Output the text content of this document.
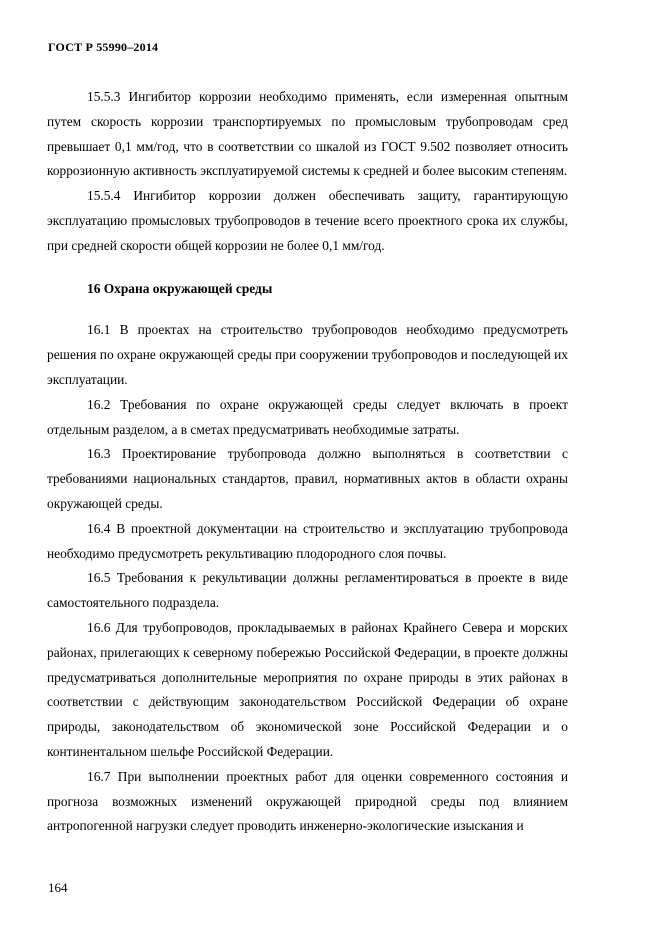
ГОСТ Р 55990–2014

15.5.3 Ингибитор коррозии необходимо применять, если измеренная опытным путем скорость коррозии транспортируемых по промысловым трубопроводам сред превышает 0,1 мм/год, что в соответствии со шкалой из ГОСТ 9.502 позволяет относить коррозионную активность эксплуатируемой системы к средней и более высоким степеням.

15.5.4 Ингибитор коррозии должен обеспечивать защиту, гарантирующую эксплуатацию промысловых трубопроводов в течение всего проектного срока их службы, при средней скорости общей коррозии не более 0,1 мм/год.

16 Охрана окружающей среды

16.1 В проектах на строительство трубопроводов необходимо предусмотреть решения по охране окружающей среды при сооружении трубопроводов и последующей их эксплуатации.

16.2 Требования по охране окружающей среды следует включать в проект отдельным разделом, а в сметах предусматривать необходимые затраты.

16.3 Проектирование трубопровода должно выполняться в соответствии с требованиями национальных стандартов, правил, нормативных актов в области охраны окружающей среды.

16.4 В проектной документации на строительство и эксплуатацию трубопровода необходимо предусмотреть рекультивацию плодородного слоя почвы.

16.5 Требования к рекультивации должны регламентироваться в проекте в виде самостоятельного подраздела.

16.6 Для трубопроводов, прокладываемых в районах Крайнего Севера и морских районах, прилегающих к северному побережью Российской Федерации, в проекте должны предусматриваться дополнительные мероприятия по охране природы в этих районах в соответствии с действующим законодательством Российской Федерации об охране природы, законодательством об экономической зоне Российской Федерации и о континентальном шельфе Российской Федерации.

16.7 При выполнении проектных работ для оценки современного состояния и прогноза возможных изменений окружающей природной среды под влиянием антропогенной нагрузки следует проводить инженерно-экологические изыскания и

164
